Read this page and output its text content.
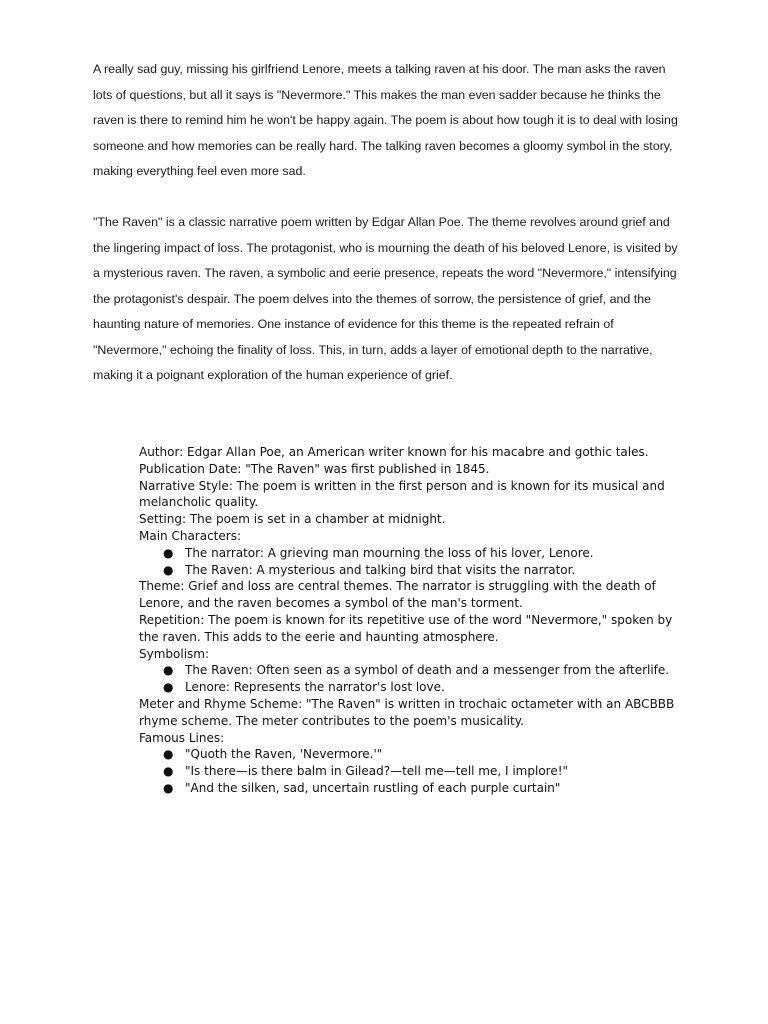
A really sad guy, missing his girlfriend Lenore, meets a talking raven at his door. The man asks the raven lots of questions, but all it says is "Nevermore." This makes the man even sadder because he thinks the raven is there to remind him he won't be happy again. The poem is about how tough it is to deal with losing someone and how memories can be really hard. The talking raven becomes a gloomy symbol in the story, making everything feel even more sad.

"The Raven" is a classic narrative poem written by Edgar Allan Poe. The theme revolves around grief and the lingering impact of loss. The protagonist, who is mourning the death of his beloved Lenore, is visited by a mysterious raven. The raven, a symbolic and eerie presence, repeats the word "Nevermore," intensifying the protagonist's despair. The poem delves into the themes of sorrow, the persistence of grief, and the haunting nature of memories. One instance of evidence for this theme is the repeated refrain of "Nevermore," echoing the finality of loss. This, in turn, adds a layer of emotional depth to the narrative, making it a poignant exploration of the human experience of grief.

Author: Edgar Allan Poe, an American writer known for his macabre and gothic tales.

Publication Date: "The Raven" was first published in 1845.

Narrative Style: The poem is written in the first person and is known for its musical and melancholic quality.

Setting: The poem is set in a chamber at midnight.

Main Characters:

● The narrator: A grieving man mourning the loss of his lover, Lenore.
● The Raven: A mysterious and talking bird that visits the narrator.

Theme: Grief and loss are central themes. The narrator is struggling with the death of Lenore, and the raven becomes a symbol of the man's torment.

Repetition: The poem is known for its repetitive use of the word "Nevermore," spoken by the raven. This adds to the eerie and haunting atmosphere.

Symbolism:

● The Raven: Often seen as a symbol of death and a messenger from the afterlife.
● Lenore: Represents the narrator's lost love.

Meter and Rhyme Scheme: "The Raven" is written in trochaic octameter with an ABCBBB rhyme scheme. The meter contributes to the poem's musicality.

Famous Lines:

● "Quoth the Raven, 'Nevermore.'"
● "Is there—is there balm in Gilead?—tell me—tell me, I implore!"
● "And the silken, sad, uncertain rustling of each purple curtain"
